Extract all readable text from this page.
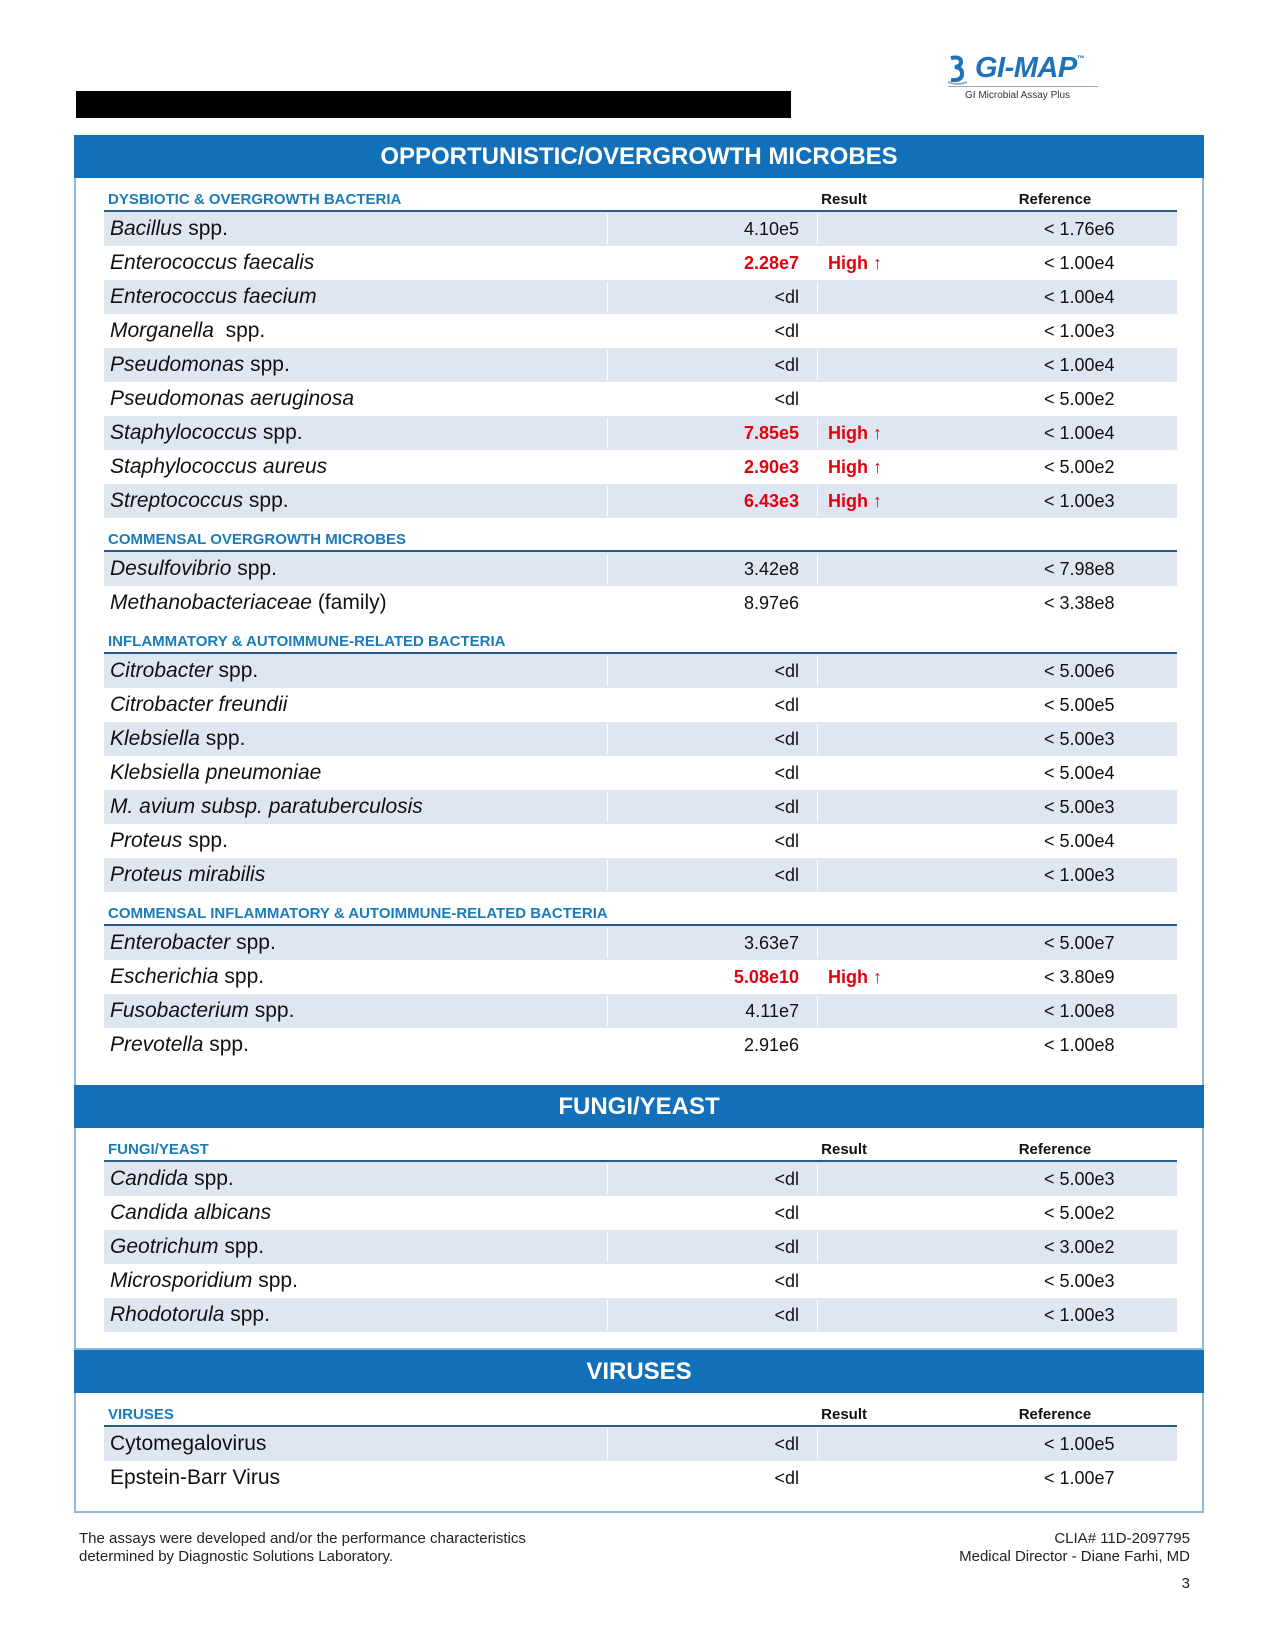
GI-MAP™
GI Microbial Assay Plus
OPPORTUNISTIC/OVERGROWTH MICROBES
DYSBIOTIC & OVERGROWTH BACTERIA	Result	Reference
Bacillus spp.	4.10e5	< 1.76e6
Enterococcus faecalis	2.28e7 High ↑	< 1.00e4
Enterococcus faecium	<dl	< 1.00e4
Morganella  spp.	<dl	< 1.00e3
Pseudomonas spp.	<dl	< 1.00e4
Pseudomonas aeruginosa	<dl	< 5.00e2
Staphylococcus spp.	7.85e5 High ↑	< 1.00e4
Staphylococcus aureus	2.90e3 High ↑	< 5.00e2
Streptococcus spp.	6.43e3 High ↑	< 1.00e3
COMMENSAL OVERGROWTH MICROBES
Desulfovibrio spp.	3.42e8	< 7.98e8
Methanobacteriaceae (family)	8.97e6	< 3.38e8
INFLAMMATORY & AUTOIMMUNE-RELATED BACTERIA
Citrobacter spp.	<dl	< 5.00e6
Citrobacter freundii	<dl	< 5.00e5
Klebsiella spp.	<dl	< 5.00e3
Klebsiella pneumoniae	<dl	< 5.00e4
M. avium subsp. paratuberculosis	<dl	< 5.00e3
Proteus spp.	<dl	< 5.00e4
Proteus mirabilis	<dl	< 1.00e3
COMMENSAL INFLAMMATORY & AUTOIMMUNE-RELATED BACTERIA
Enterobacter spp.	3.63e7	< 5.00e7
Escherichia spp.	5.08e10 High ↑	< 3.80e9
Fusobacterium spp.	4.11e7	< 1.00e8
Prevotella spp.	2.91e6	< 1.00e8
FUNGI/YEAST
FUNGI/YEAST	Result	Reference
Candida spp.	<dl	< 5.00e3
Candida albicans	<dl	< 5.00e2
Geotrichum spp.	<dl	< 3.00e2
Microsporidium spp.	<dl	< 5.00e3
Rhodotorula spp.	<dl	< 1.00e3
VIRUSES
VIRUSES	Result	Reference
Cytomegalovirus	<dl	< 1.00e5
Epstein-Barr Virus	<dl	< 1.00e7
The assays were developed and/or the performance characteristics
determined by Diagnostic Solutions Laboratory.
CLIA# 11D-2097795
Medical Director - Diane Farhi, MD
3
